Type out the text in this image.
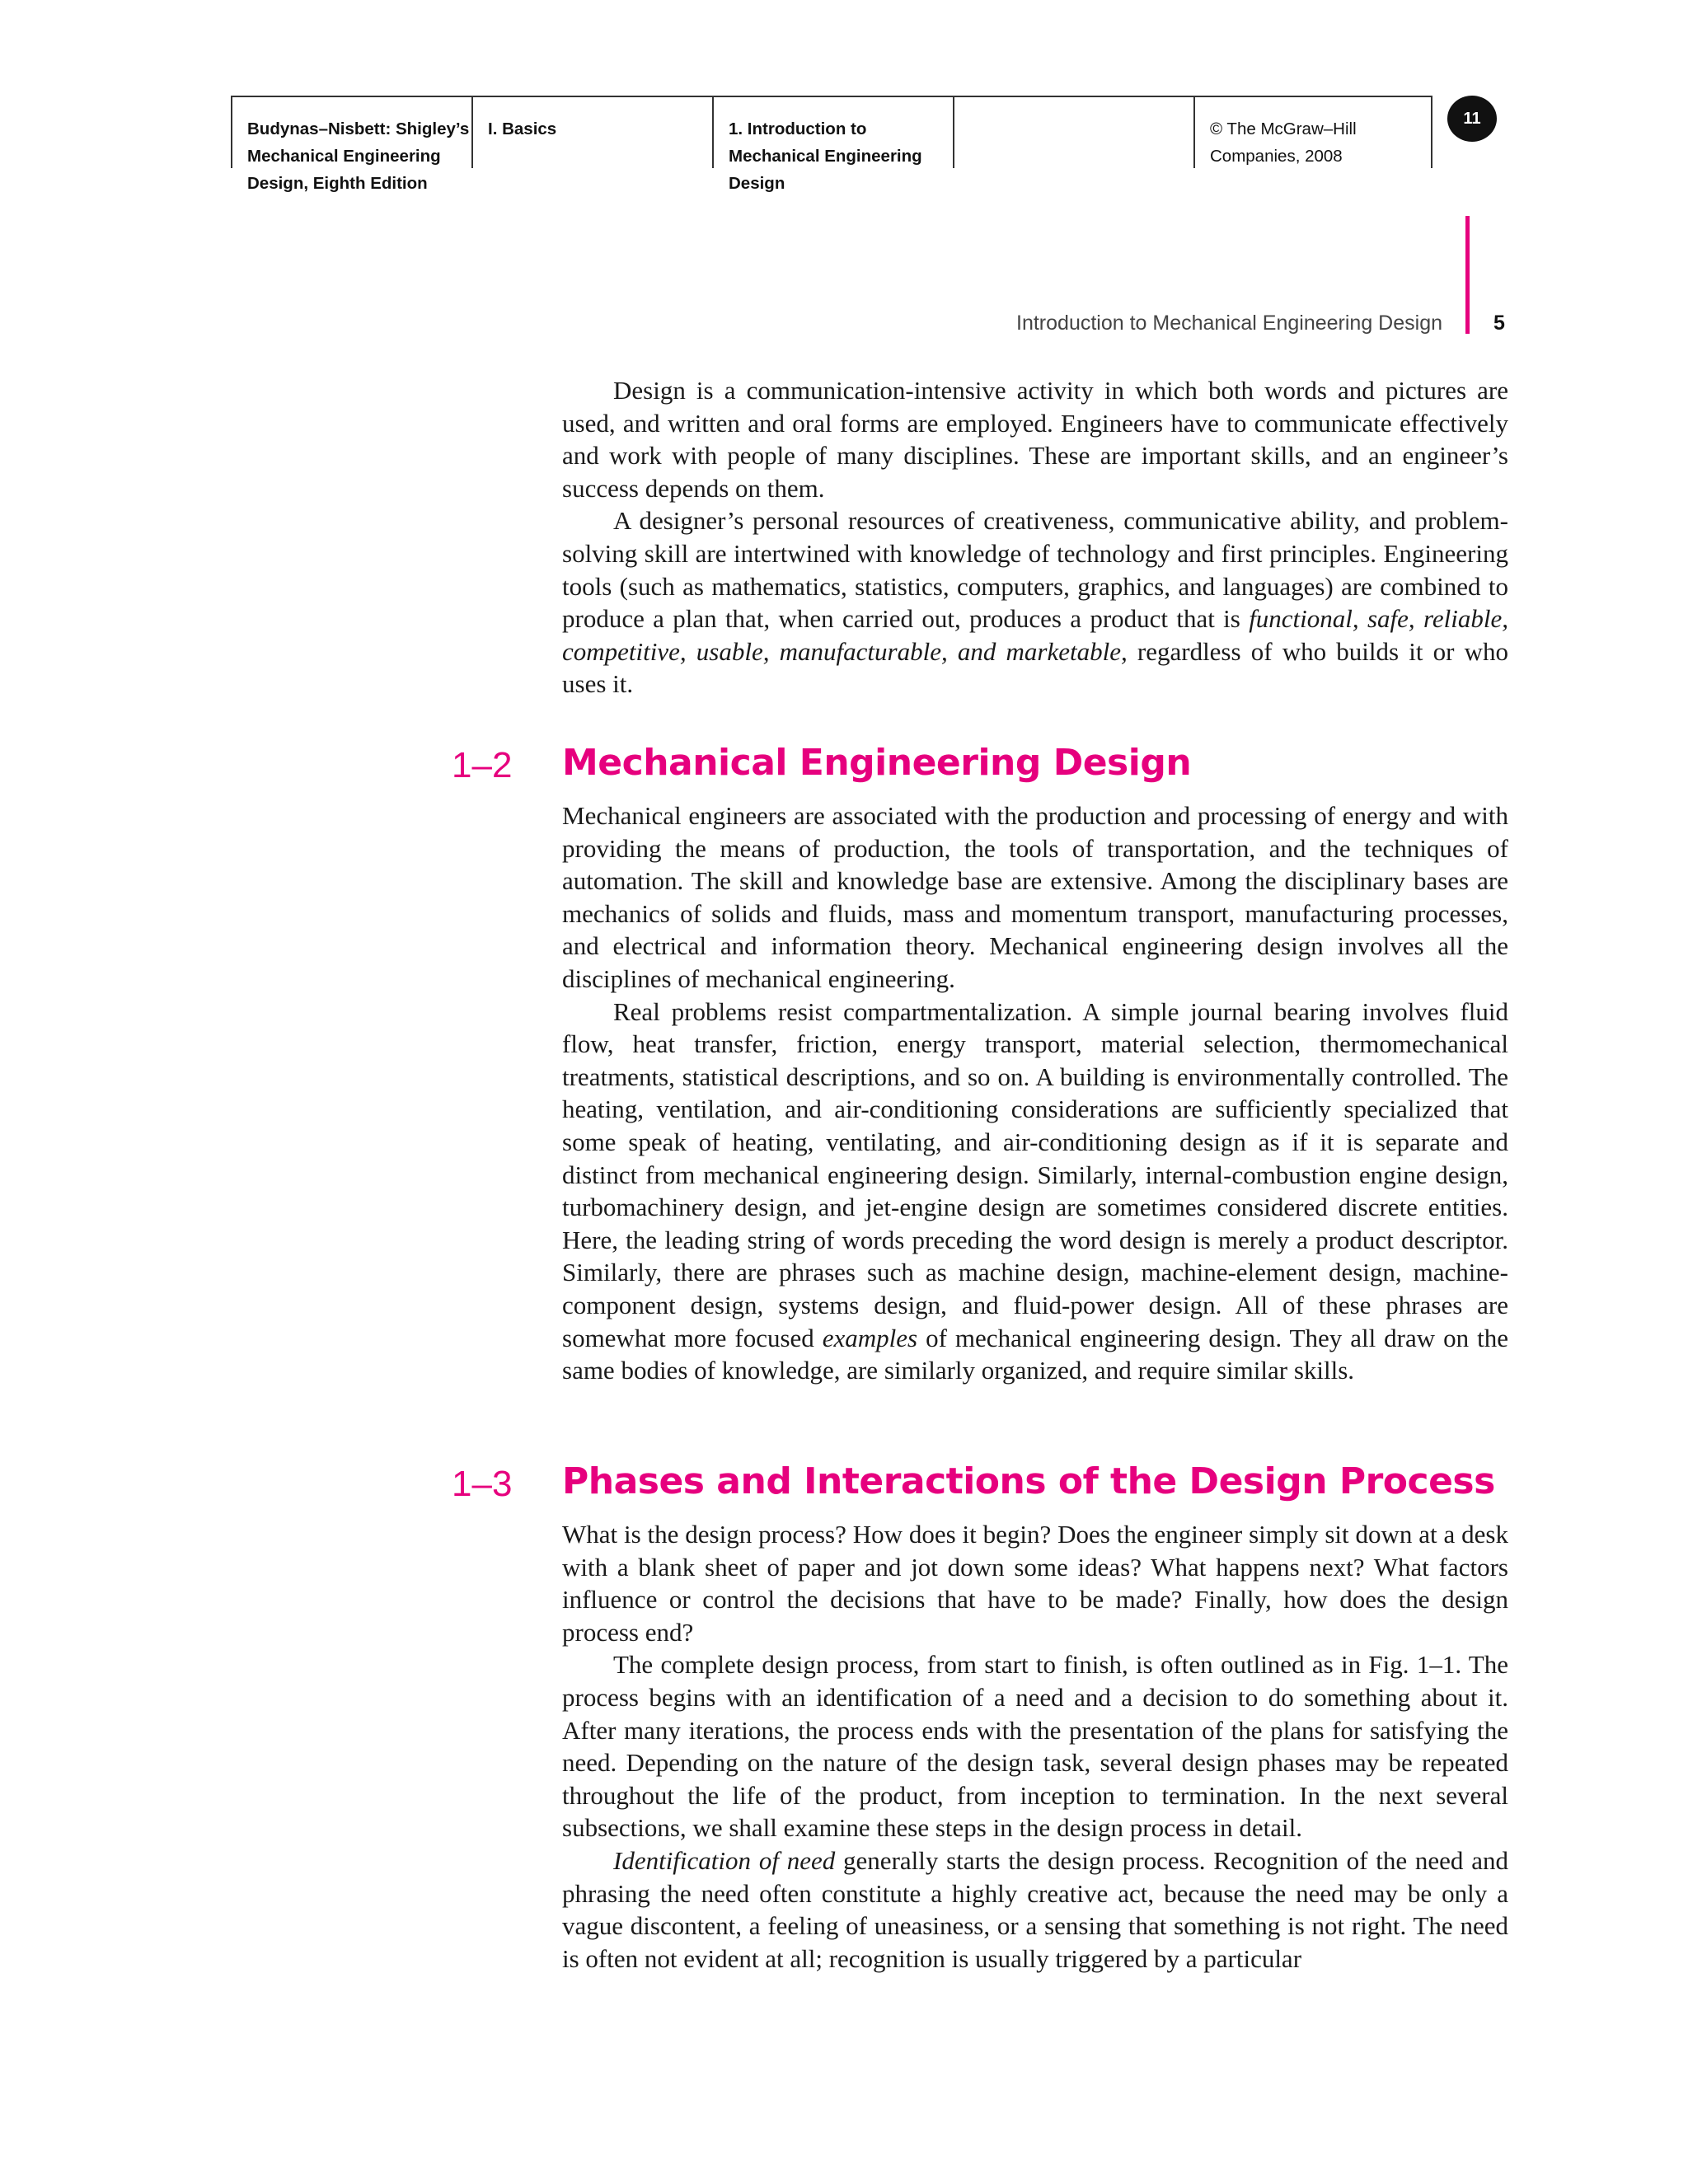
Budynas–Nisbett: Shigley’s
Mechanical Engineering
Design, Eighth Edition
I. Basics	1. Introduction to
Mechanical Engineering
Design
© The McGraw–Hill
Companies, 2008
11
Introduction to Mechanical Engineering Design 5

Design is a communication-intensive activity in which both words and pictures are used, and written and oral forms are employed. Engineers have to communicate effectively and work with people of many disciplines. These are important skills, and an engineer’s success depends on them.

A designer’s personal resources of creativeness, communicative ability, and problem-solving skill are intertwined with knowledge of technology and first principles. Engineering tools (such as mathematics, statistics, computers, graphics, and languages) are combined to produce a plan that, when carried out, produces a product that is functional, safe, reliable, competitive, usable, manufacturable, and marketable, regardless of who builds it or who uses it.

1–2 Mechanical Engineering Design

Mechanical engineers are associated with the production and processing of energy and with providing the means of production, the tools of transportation, and the techniques of automation. The skill and knowledge base are extensive. Among the disciplinary bases are mechanics of solids and fluids, mass and momentum transport, manufacturing processes, and electrical and information theory. Mechanical engineering design involves all the disciplines of mechanical engineering.

Real problems resist compartmentalization. A simple journal bearing involves fluid flow, heat transfer, friction, energy transport, material selection, thermomechanical treatments, statistical descriptions, and so on. A building is environmentally controlled. The heating, ventilation, and air-conditioning considerations are sufficiently specialized that some speak of heating, ventilating, and air-conditioning design as if it is separate and distinct from mechanical engineering design. Similarly, internal-combustion engine design, turbomachinery design, and jet-engine design are sometimes considered discrete entities. Here, the leading string of words preceding the word design is merely a product descriptor. Similarly, there are phrases such as machine design, machine-element design, machine-component design, systems design, and fluid-power design. All of these phrases are somewhat more focused examples of mechanical engineering design. They all draw on the same bodies of knowledge, are similarly organized, and require similar skills.

1–3 Phases and Interactions of the Design Process

What is the design process? How does it begin? Does the engineer simply sit down at a desk with a blank sheet of paper and jot down some ideas? What happens next? What factors influence or control the decisions that have to be made? Finally, how does the design process end?

The complete design process, from start to finish, is often outlined as in Fig. 1–1. The process begins with an identification of a need and a decision to do something about it. After many iterations, the process ends with the presentation of the plans for satisfying the need. Depending on the nature of the design task, several design phases may be repeated throughout the life of the product, from inception to termination. In the next several subsections, we shall examine these steps in the design process in detail.

Identification of need generally starts the design process. Recognition of the need and phrasing the need often constitute a highly creative act, because the need may be only a vague discontent, a feeling of uneasiness, or a sensing that something is not right. The need is often not evident at all; recognition is usually triggered by a particular
